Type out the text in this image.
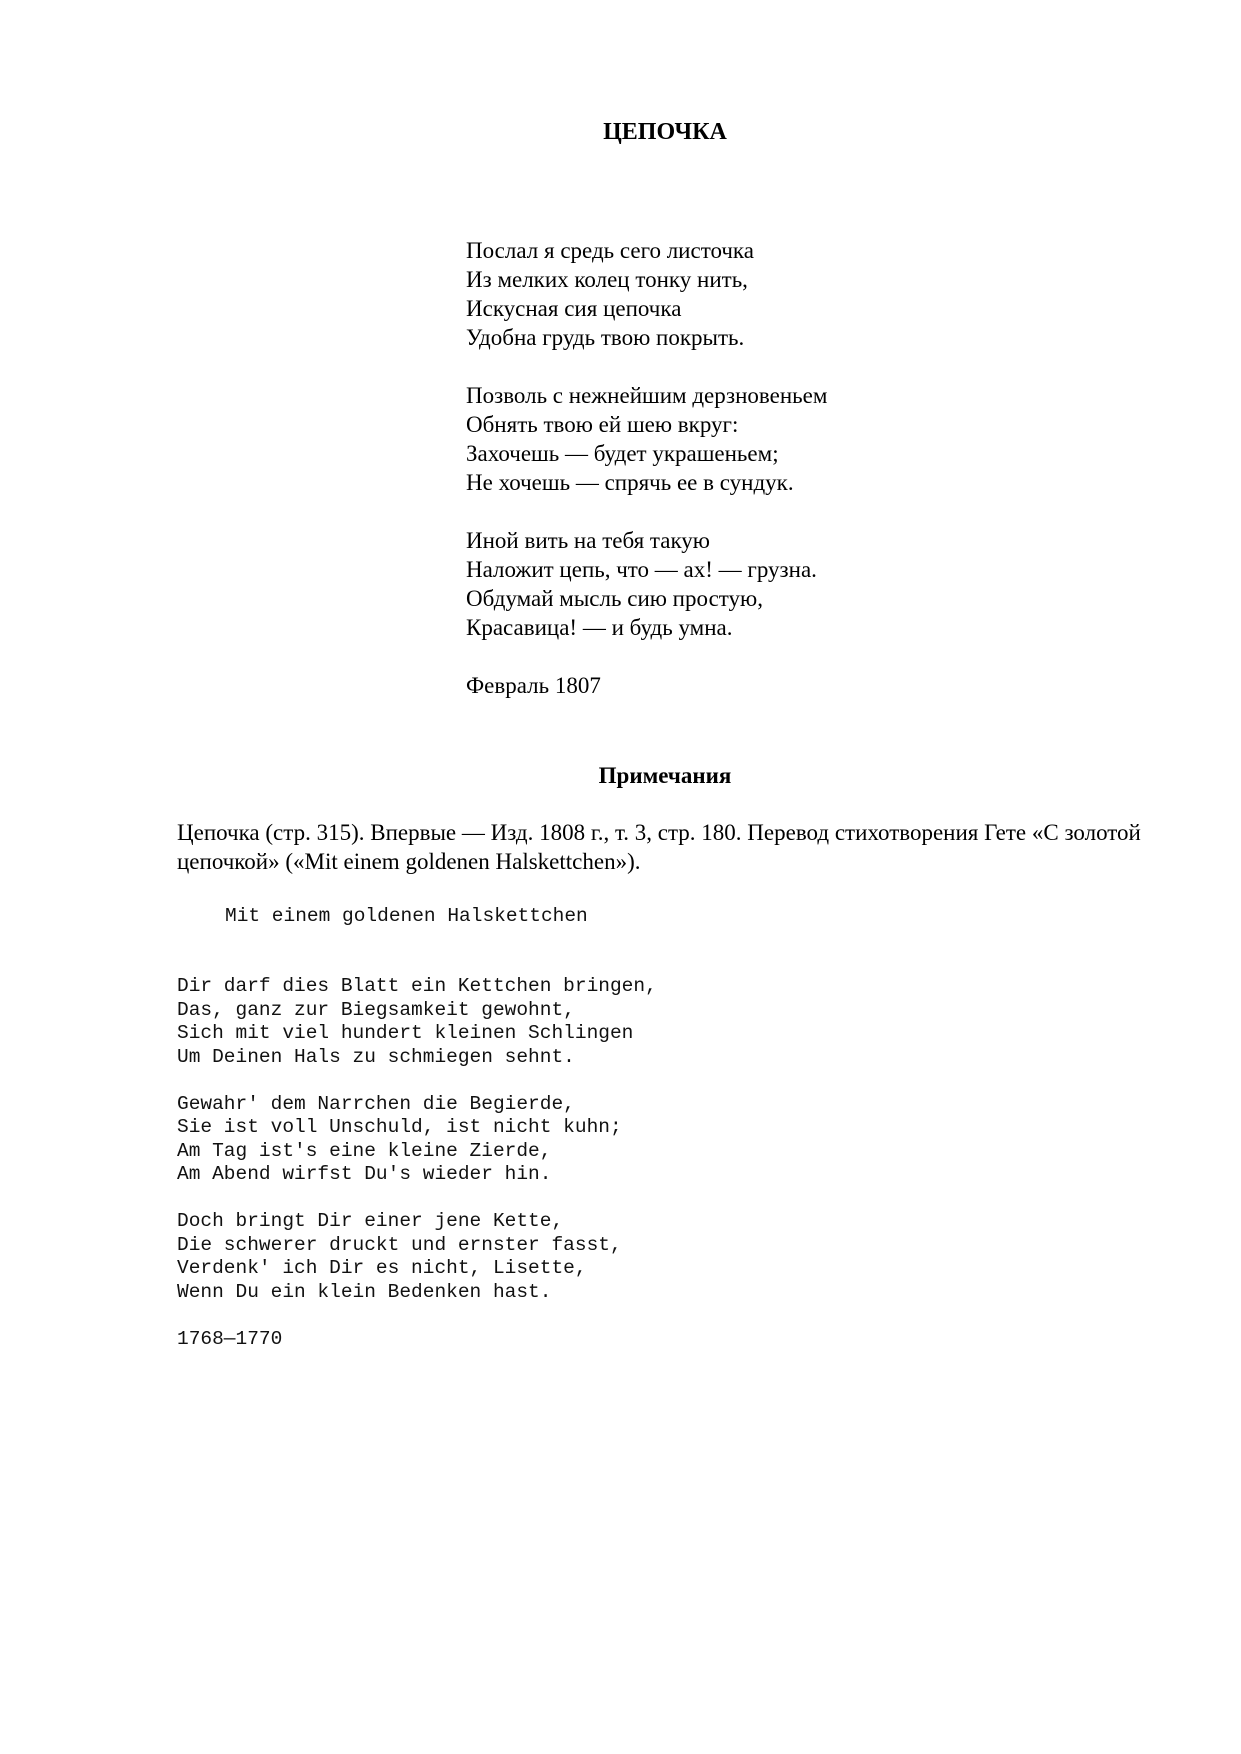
ЦЕПОЧКА
Послал я средь сего листочка
Из мелких колец тонку нить,
Искусная сия цепочка
Удобна грудь твою покрыть.
Позволь с нежнейшим дерзновеньем
Обнять твою ей шею вкруг:
Захочешь — будет украшеньем;
Не хочешь — спрячь ее в сундук.
Иной вить на тебя такую
Наложит цепь, что — ах! — грузна.
Обдумай мысль сию простую,
Красавица! — и будь умна.
Февраль 1807
Примечания
Цепочка (стр. 315). Впервые — Изд. 1808 г., т. 3, стр. 180. Перевод стихотворения Гете «С золотой цепочкой» («Mit einem goldenen Halskettchen»).
Mit einem goldenen Halskettchen
Dir darf dies Blatt ein Kettchen bringen,
Das, ganz zur Biegsamkeit gewohnt,
Sich mit viel hundert kleinen Schlingen
Um Deinen Hals zu schmiegen sehnt.
Gewahr' dem Narrchen die Begierde,
Sie ist voll Unschuld, ist nicht kuhn;
Am Tag ist's eine kleine Zierde,
Am Abend wirfst Du's wieder hin.
Doch bringt Dir einer jene Kette,
Die schwerer druckt und ernster fasst,
Verdenk' ich Dir es nicht, Lisette,
Wenn Du ein klein Bedenken hast.
1768—1770
